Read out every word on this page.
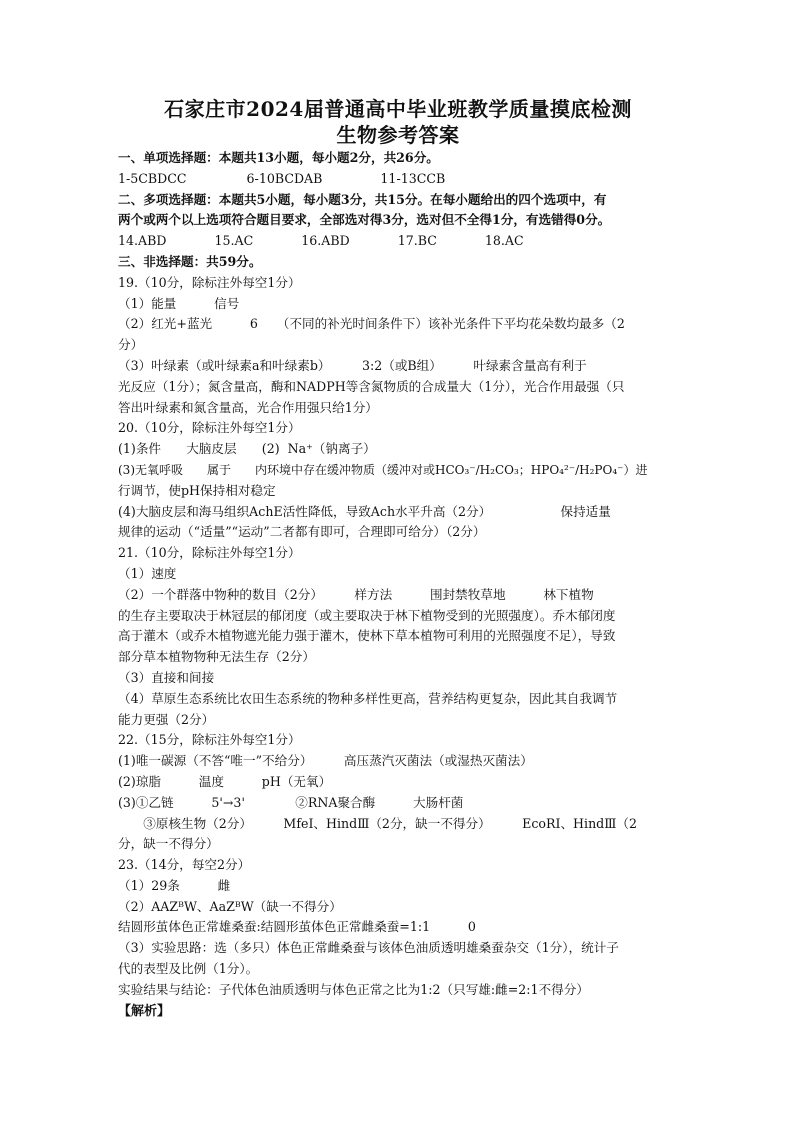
石家庄市2024届普通高中毕业班教学质量摸底检测
生物参考答案
一、单项选择题：本题共13小题，每小题2分，共26分。
1-5CBDCC	6-10BCDAB	11-13CCB
二、多项选择题：本题共5小题，每小题3分，共15分。在每小题给出的四个选项中，有
两个或两个以上选项符合题目要求，全部选对得3分，选对但不全得1分，有选错得0分。
14.ABD	15.AC	16.ABD	17.BC	18.AC
三、非选择题：共59分。
19.（10分，除标注外每空1分）
（1）能量　　　信号
（2）红光+蓝光　　　6　　（不同的补光时间条件下）该补光条件下平均花朵数均最多（2
分）
（3）叶绿素（或叶绿素a和叶绿素b）　　　3:2（或B组）　　　叶绿素含量高有利于
光反应（1分）；氮含量高，酶和NADPH等含氮物质的合成量大（1分），光合作用最强（只
答出叶绿素和氮含量高，光合作用强只给1分）
20.（10分，除标注外每空1分）
(1)条件　　大脑皮层　　(2)  Na⁺（钠离子）
(3)无氧呼吸　　属于　　内环境中存在缓冲物质（缓冲对或HCO₃⁻/H₂CO₃；HPO₄²⁻/H₂PO₄⁻）进
行调节，使pH保持相对稳定
(4)大脑皮层和海马组织AchE活性降低，导致Ach水平升高（2分）　　　　　　保持适量
规律的运动（“适量”“运动”二者都有即可，合理即可给分）（2分）
21.（10分，除标注外每空1分）
（1）速度
（2）一个群落中物种的数目（2分）　　　样方法　　　围封禁牧草地　　　林下植物
的生存主要取决于林冠层的郁闭度（或主要取决于林下植物受到的光照强度）。乔木郁闭度
高于灌木（或乔木植物遮光能力强于灌木，使林下草本植物可利用的光照强度不足），导致
部分草本植物物种无法生存（2分）
（3）直接和间接
（4）草原生态系统比农田生态系统的物种多样性更高，营养结构更复杂，因此其自我调节
能力更强（2分）
22.（15分，除标注外每空1分）
(1)唯一碳源（不答“唯一”不给分）　　　高压蒸汽灭菌法（或湿热灭菌法）
(2)琼脂　　　温度　　　pH（无氧）
(3)①乙链　　　5'→3'　　　　②RNA聚合酶　　　大肠杆菌
　　③原核生物（2分）　　　MfeⅠ、HindⅢ（2分，缺一不得分）　　　EcoRⅠ、HindⅢ（2
分，缺一不得分）
23.（14分，每空2分）
（1）29条　　　雌
（2）AAZᴮW、AaZᴮW（缺一不得分）
结圆形茧体色正常雄桑蚕:结圆形茧体色正常雌桑蚕=1:1　　　0
（3）实验思路：选（多只）体色正常雌桑蚕与该体色油质透明雄桑蚕杂交（1分），统计子
代的表型及比例（1分）。
实验结果与结论：子代体色油质透明与体色正常之比为1:2（只写雄:雌=2:1不得分）
【解析】
